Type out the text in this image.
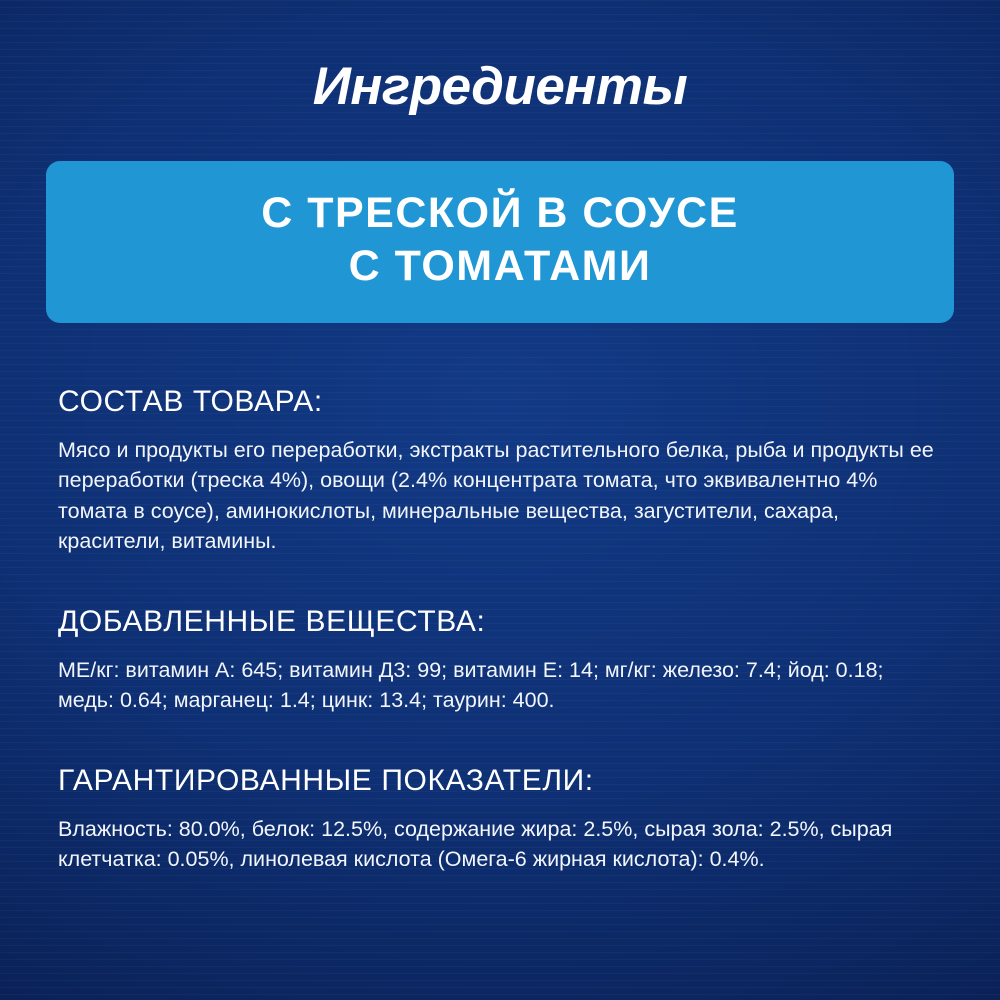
Ингредиенты
С ТРЕСКОЙ В СОУСЕ
С ТОМАТАМИ
СОСТАВ ТОВАРА:
Мясо и продукты его переработки, экстракты растительного белка, рыба и продукты ее переработки (треска 4%), овощи (2.4% концентрата томата, что эквивалентно 4% томата в соусе), аминокислоты, минеральные вещества, загустители, сахара, красители, витамины.
ДОБАВЛЕННЫЕ ВЕЩЕСТВА:
МЕ/кг: витамин А: 645; витамин Д3: 99; витамин Е: 14; мг/кг: железо: 7.4; йод: 0.18; медь: 0.64; марганец: 1.4; цинк: 13.4; таурин: 400.
ГАРАНТИРОВАННЫЕ ПОКАЗАТЕЛИ:
Влажность: 80.0%, белок: 12.5%, содержание жира: 2.5%, сырая зола: 2.5%, сырая клетчатка: 0.05%, линолевая кислота (Омега-6 жирная кислота): 0.4%.
